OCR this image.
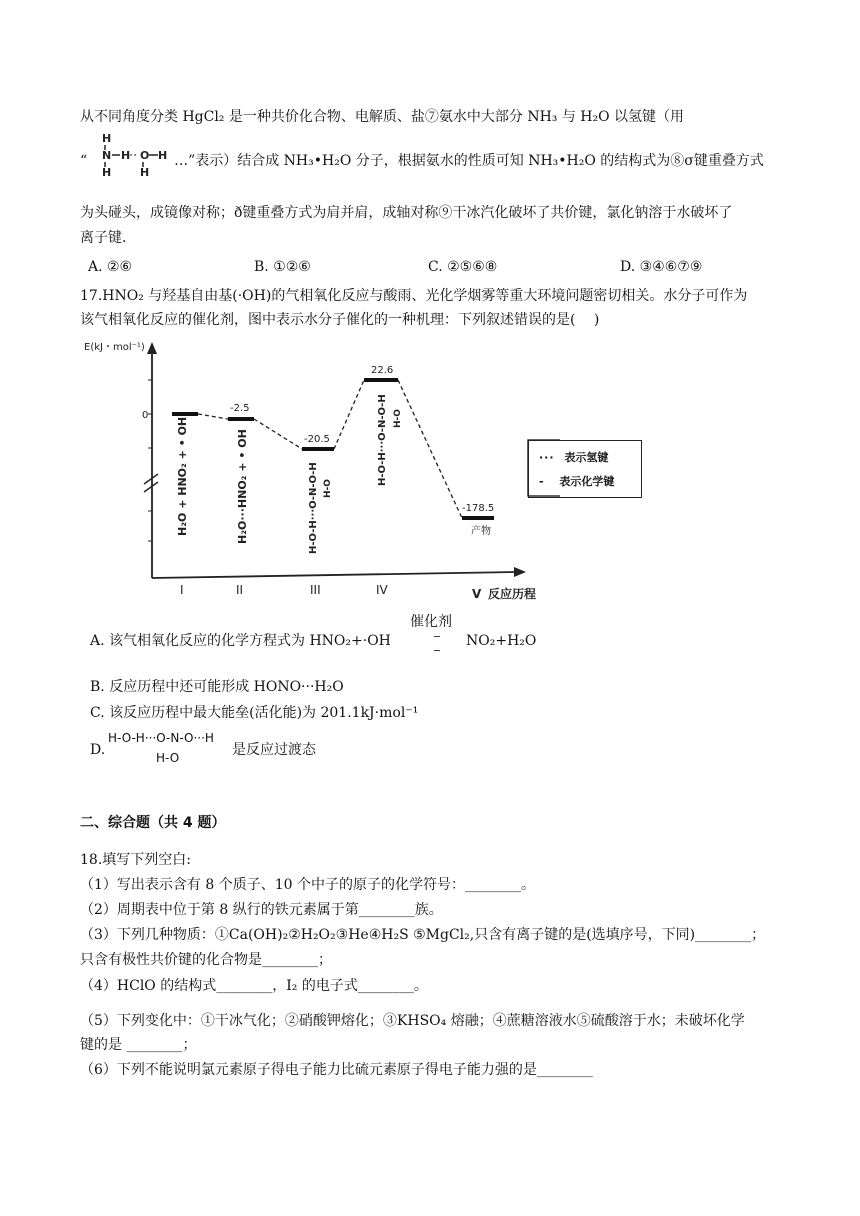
从不同角度分类 HgCl₂ 是一种共价化合物、电解质、盐⑦氨水中大部分 NH₃ 与 H₂O 以氢键（用
“
H
N H O H
H	H
…”表示）结合成 NH₃•H₂O 分子，根据氨水的性质可知 NH₃•H₂O 的结构式为⑧σ键重叠方式
为头碰头，成镜像对称；ð键重叠方式为肩并肩，成轴对称⑨干冰汽化破坏了共价键，氯化钠溶于水破坏了
离子键．
A. ②⑥	B. ①②⑥	C. ②⑤⑥⑧	D. ③④⑥⑦⑨
17.HNO₂ 与羟基自由基(·OH)的气相氧化反应与酸雨、光化学烟雾等重大环境问题密切相关。水分子可作为
该气相氧化反应的催化剂，图中表示水分子催化的一种机理：下列叙述错误的是(　 )
E(kJ・mol⁻¹)
0
-2.5
-20.5
22.6
-178.5
H₂O + HNO₂ + • OH	H₂O···HNO₂ + • OH	H-O-H···O-N-O-H H-O
H-O-H···O-N-O-H H-O
产物
I	II	III	IV	V 反应历程
··· 表示氢键
- 表示化学键
催化剂
A. 该气相氧化反应的化学方程式为 HNO₂+·OH	NO₂+H₂O
B. 反应历程中还可能形成 HONO···H₂O
C. 该反应历程中最大能垒(活化能)为 201.1kJ·mol⁻¹
D.
H-O-H···O-N-O···H
H-O	是反应过渡态
二、综合题（共 4 题）
18.填写下列空白:
（1）写出表示含有 8 个质子、10 个中子的原子的化学符号：________。
（2）周期表中位于第 8 纵行的铁元素属于第________族。
（3）下列几种物质：①Ca(OH)₂②H₂O₂③He④H₂S ⑤MgCl₂,只含有离子键的是(选填序号，下同)________；
只含有极性共价键的化合物是________；
（4）HClO 的结构式________，I₂ 的电子式________。
（5）下列变化中：①干冰气化；②硝酸钾熔化；③KHSO₄ 熔融；④蔗糖溶液水⑤硫酸溶于水；未破坏化学
键的是 ________；
（6）下列不能说明氯元素原子得电子能力比硫元素原子得电子能力强的是________
